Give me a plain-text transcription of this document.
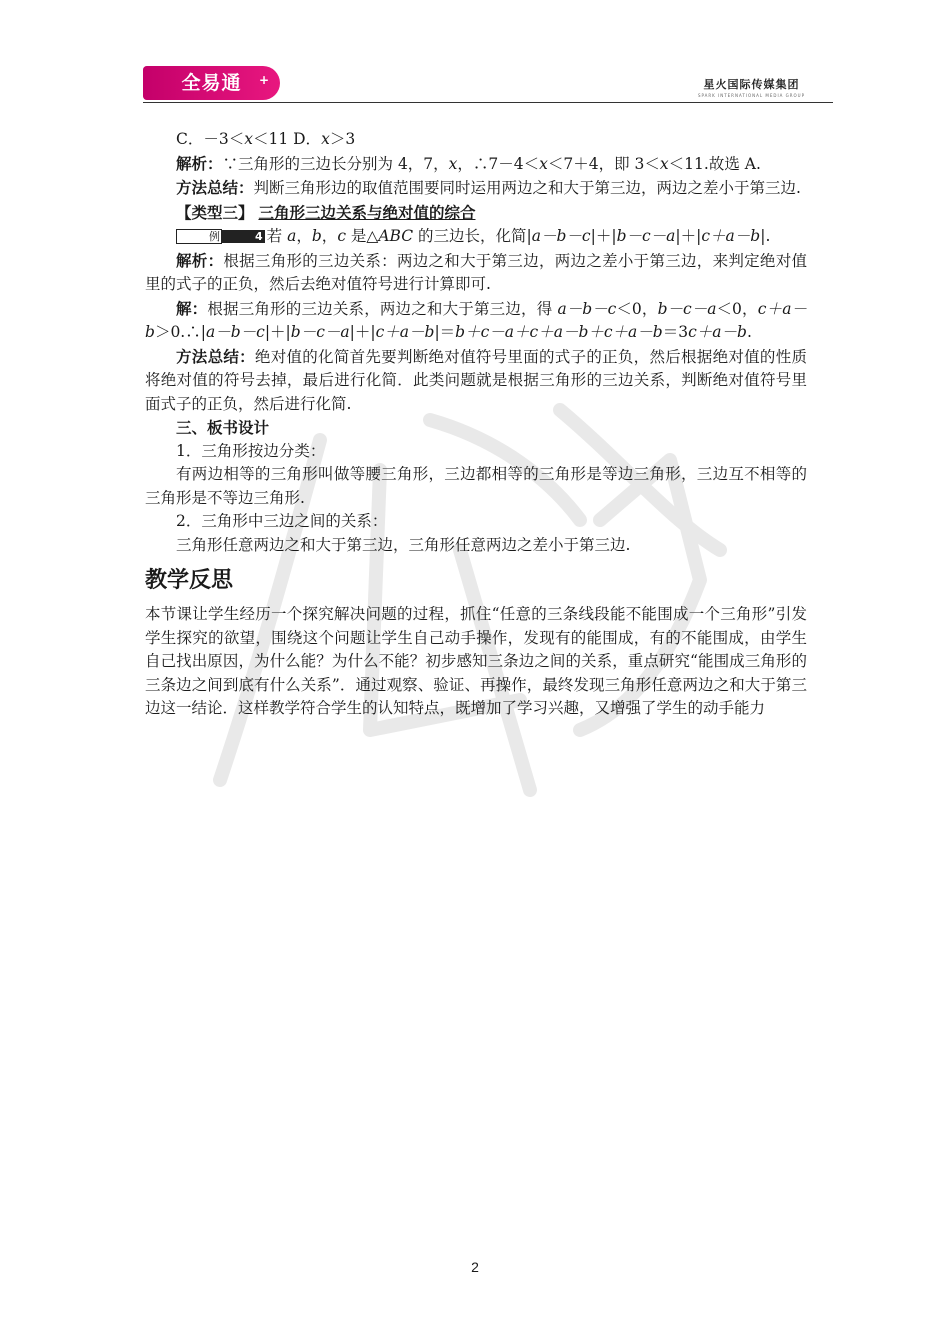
全易通 +	星火国际传媒集团
SPARK INTERNATIONAL MEDIA GROUP

C．－3＜x＜11 D．x＞3

解析：∵三角形的三边长分别为 4，7，x，∴7－4＜x＜7＋4，即 3＜x＜11.故选 A.

方法总结：判断三角形边的取值范围要同时运用两边之和大于第三边，两边之差小于第三边.

【类型三】 三角形三边关系与绝对值的综合

例	4 若 a，b，c 是△ABC 的三边长，化简|a－b－c|＋|b－c－a|＋|c＋a－b|.

解析：根据三角形的三边关系：两边之和大于第三边，两边之差小于第三边，来判定绝对值里的式子的正负，然后去绝对值符号进行计算即可.

解：根据三角形的三边关系，两边之和大于第三边，得 a－b－c＜0，b－c－a＜0，c＋a－b＞0.∴|a－b－c|＋|b－c－a|＋|c＋a－b|＝b＋c－a＋c＋a－b＋c＋a－b＝3c＋a－b.

方法总结：绝对值的化简首先要判断绝对值符号里面的式子的正负，然后根据绝对值的性质将绝对值的符号去掉，最后进行化简．此类问题就是根据三角形的三边关系，判断绝对值符号里面式子的正负，然后进行化简.

三、板书设计

1．三角形按边分类：

有两边相等的三角形叫做等腰三角形，三边都相等的三角形是等边三角形，三边互不相等的三角形是不等边三角形.

2．三角形中三边之间的关系：

三角形任意两边之和大于第三边，三角形任意两边之差小于第三边.

教学反思

本节课让学生经历一个探究解决问题的过程，抓住“任意的三条线段能不能围成一个三角形”引发学生探究的欲望，围绕这个问题让学生自己动手操作，发现有的能围成，有的不能围成，由学生自己找出原因，为什么能？为什么不能？初步感知三条边之间的关系，重点研究“能围成三角形的三条边之间到底有什么关系”．通过观察、验证、再操作，最终发现三角形任意两边之和大于第三边这一结论．这样教学符合学生的认知特点，既增加了学习兴趣，又增强了学生的动手能力

2
